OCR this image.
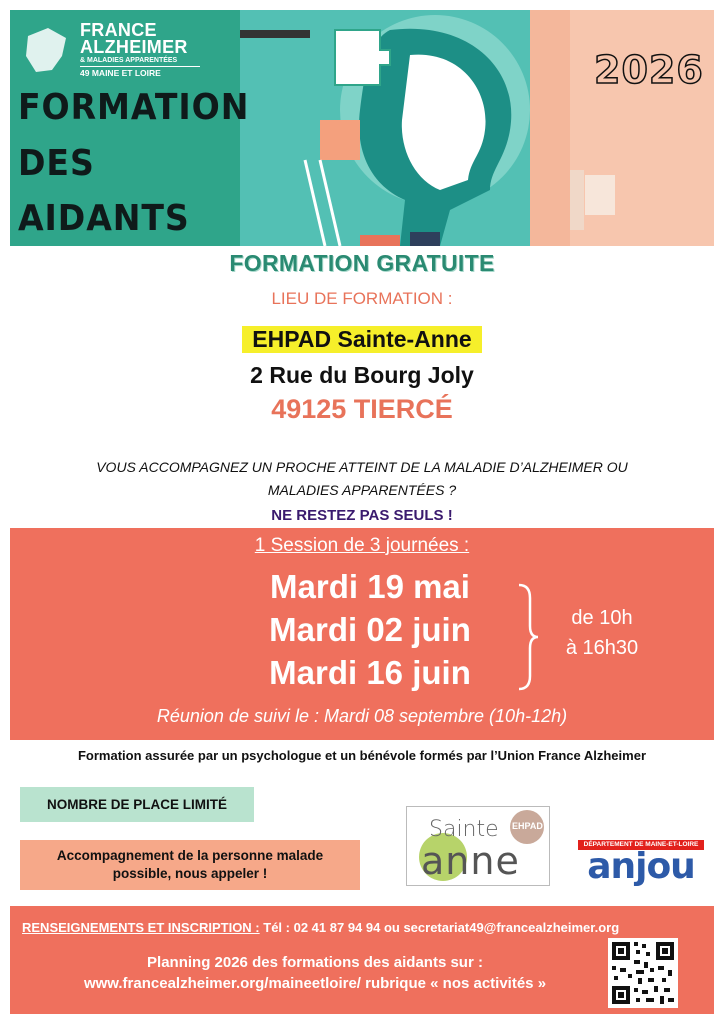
FRANCE
ALZHEIMER
& MALADIES APPARENTÉES
49 MAINE ET LOIRE
FORMATION
DES
AIDANTS
2026
FORMATION GRATUITE
LIEU DE FORMATION :
EHPAD Sainte-Anne
2 Rue du Bourg Joly
49125 TIERCÉ
VOUS ACCOMPAGNEZ UN PROCHE ATTEINT DE LA MALADIE D’ALZHEIMER OU
MALADIES APPARENTÉES ?
NE RESTEZ PAS SEULS !
1 Session de 3 journées :
Mardi 19 mai
Mardi 02 juin
Mardi 16 juin
de 10h
à 16h30
Réunion de suivi le : Mardi 08 septembre (10h-12h)
Formation assurée par un psychologue et un bénévole formés par l’Union France Alzheimer
NOMBRE DE PLACE LIMITÉ
Accompagnement de la personne malade
possible, nous appeler !
Sainte
anne
EHPAD
DÉPARTEMENT DE MAINE-ET-LOIRE
anjou
RENSEIGNEMENTS ET INSCRIPTION : Tél : 02 41 87 94 94 ou secretariat49@francealzheimer.org
Planning 2026 des formations des aidants sur :
www.francealzheimer.org/maineetloire/ rubrique « nos activités »
